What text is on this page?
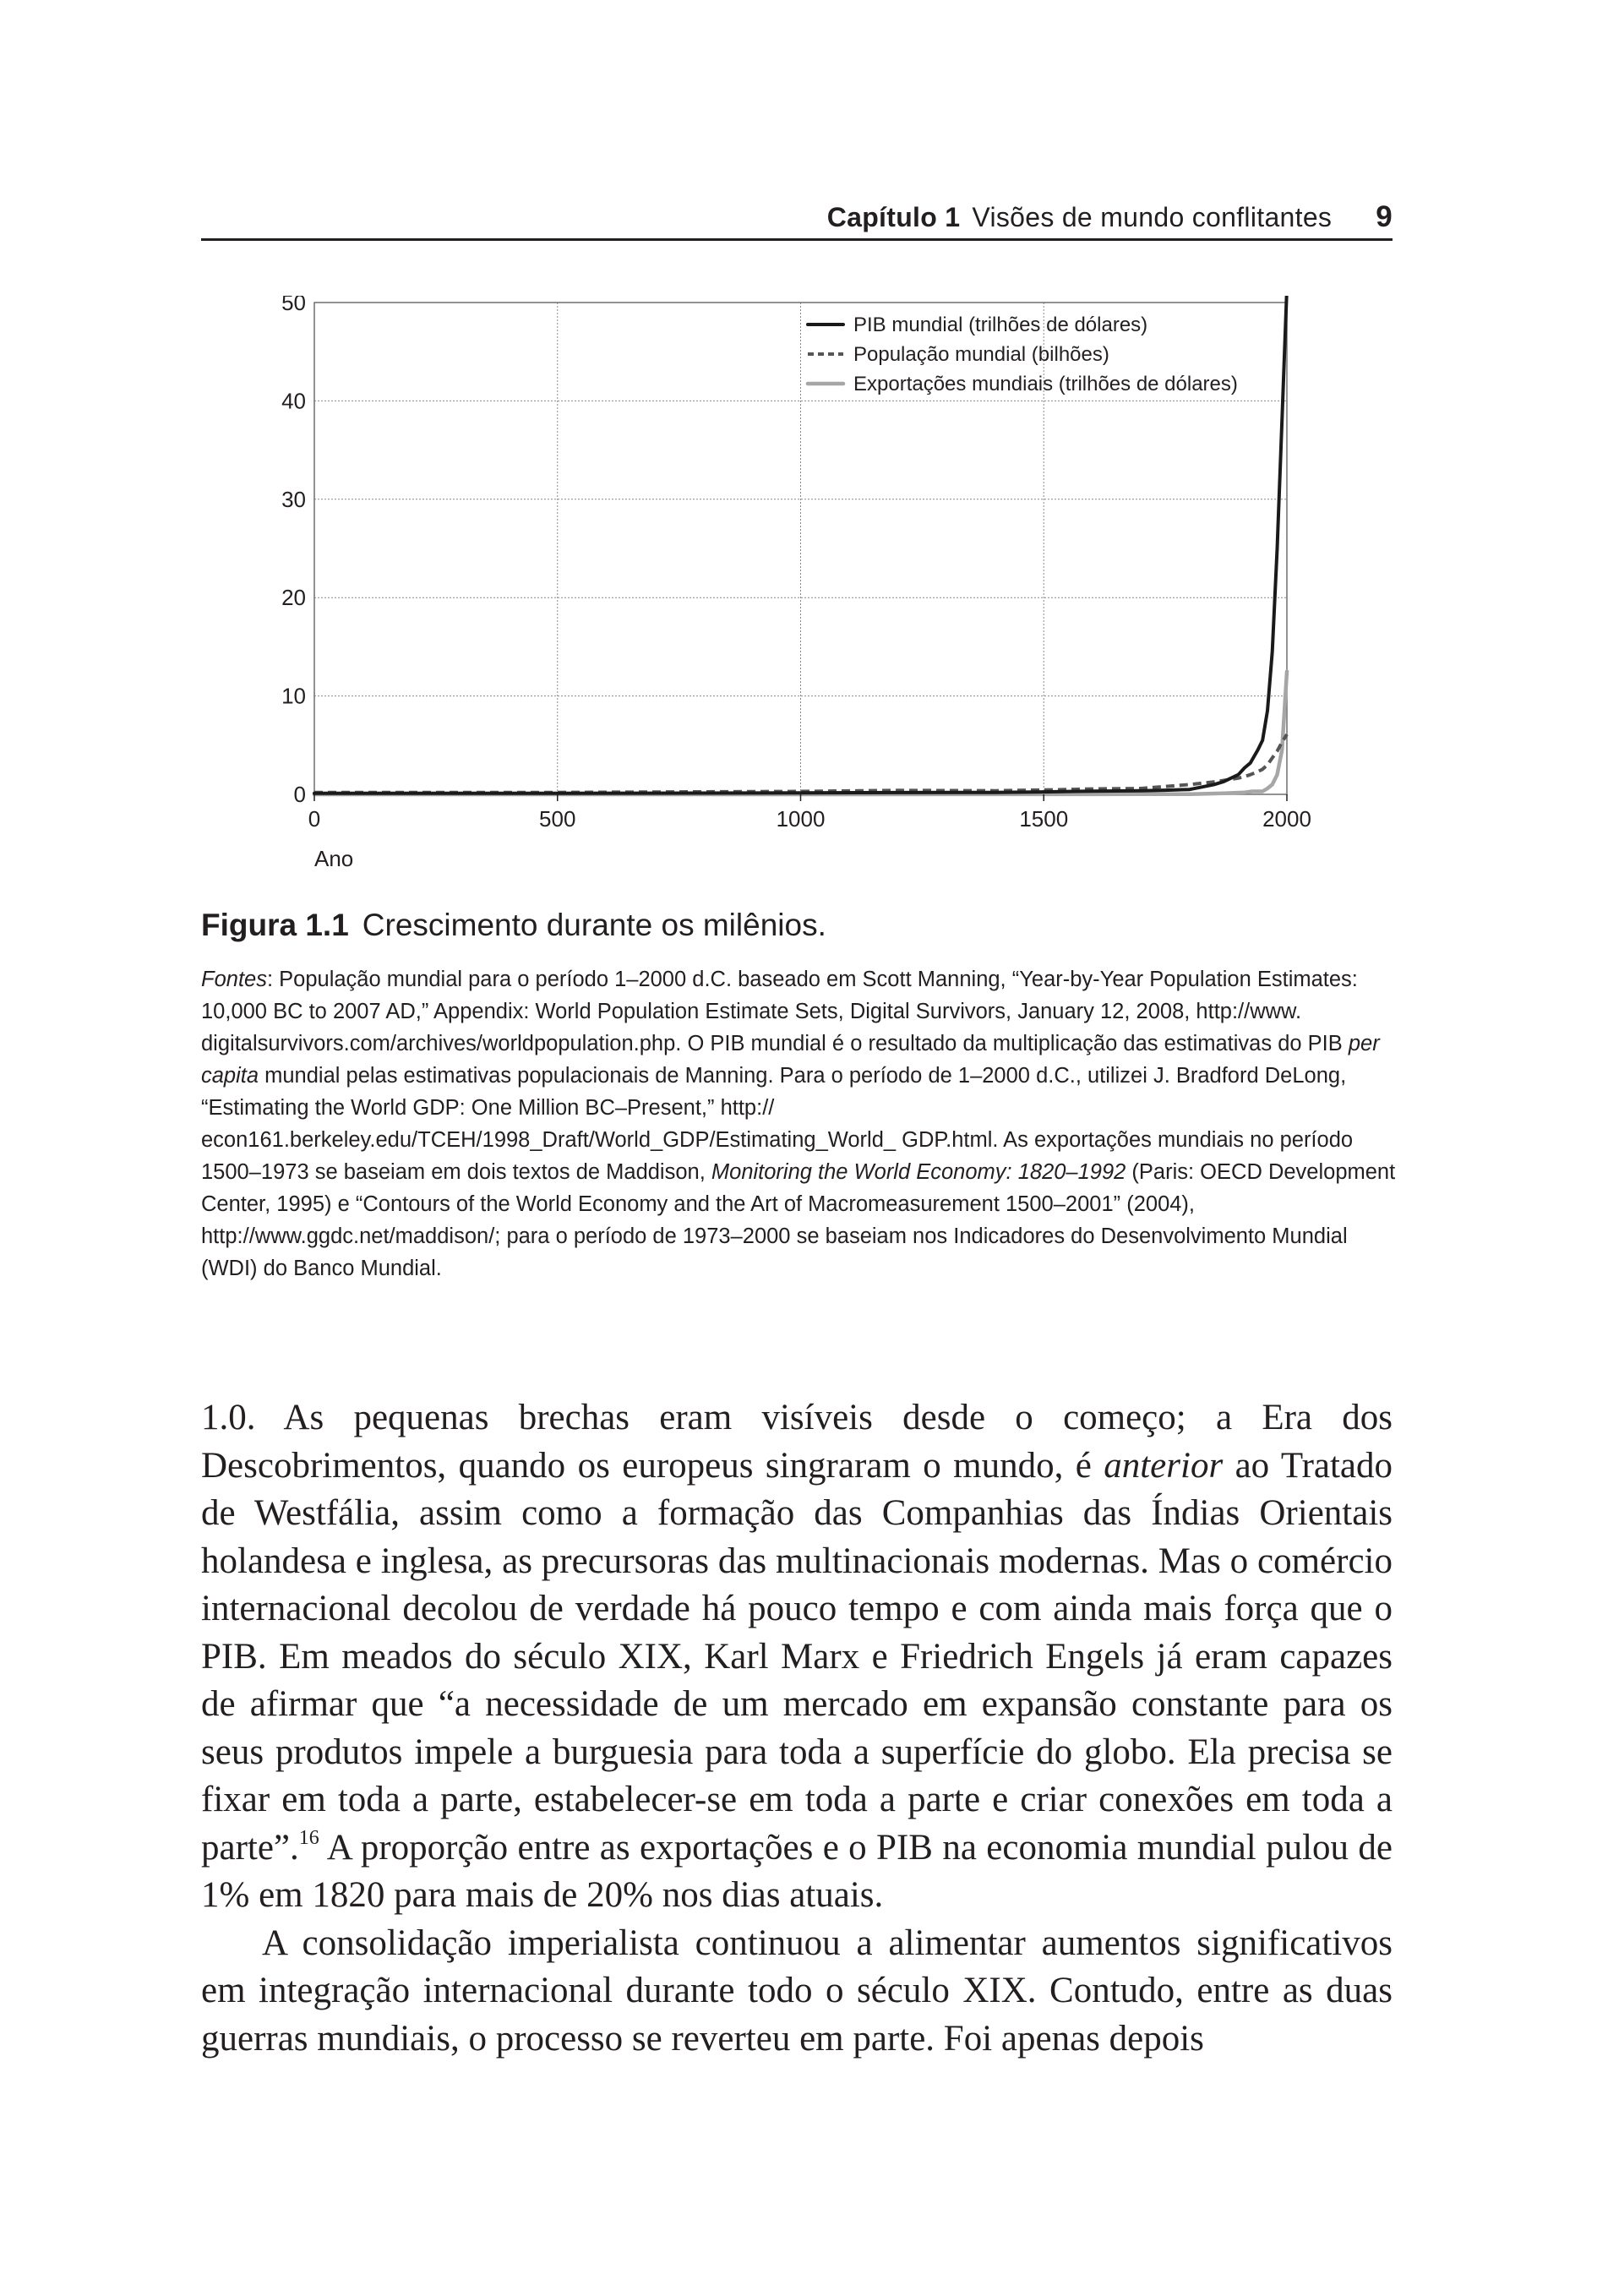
Capítulo 1 Visões de mundo conflitantes 9
0
10
20
30
40
50
0	500	1000	1500	2000
PIB mundial (trilhões de dólares)
População mundial (bilhões)
Exportações mundiais (trilhões de dólares)
Ano
Figura 1.1 Crescimento durante os milênios.
Fontes: População mundial para o período 1–2000 d.C. baseado em Scott Manning, “Year-by-Year Population Estimates: 10,000 BC to 2007 AD,” Appendix: World Population Estimate Sets, Digital Survivors, January 12, 2008, http://www. digitalsurvivors.com/archives/worldpopulation.php. O PIB mundial é o resultado da multiplicação das estimativas do PIB per capita mundial pelas estimativas populacionais de Manning. Para o período de 1–2000 d.C., utilizei J. Bradford DeLong, “Estimating the World GDP: One Million BC–Present,” http:// econ161.berkeley.edu/TCEH/1998_Draft/World_GDP/Estimating_World_ GDP.html. As exportações mundiais no período 1500–1973 se baseiam em dois textos de Maddison, Monitoring the World Economy: 1820–1992 (Paris: OECD Development Center, 1995) e “Contours of the World Economy and the Art of Macromeasurement 1500–2001” (2004), http://www.ggdc.net/maddison/; para o período de 1973–2000 se baseiam nos Indicadores do Desenvolvimento Mundial (WDI) do Banco Mundial.

1.0. As pequenas brechas eram visíveis desde o começo; a Era dos Descobrimentos, quando os europeus singraram o mundo, é anterior ao Tratado de Westfália, assim como a formação das Companhias das Índias Orientais holandesa e inglesa, as precursoras das multinacionais modernas. Mas o comércio internacional decolou de verdade há pouco tempo e com ainda mais força que o PIB. Em meados do século XIX, Karl Marx e Friedrich Engels já eram capazes de afirmar que “a necessidade de um mercado em expansão constante para os seus produtos impele a burguesia para toda a superfície do globo. Ela precisa se fixar em toda a parte, estabelecer-se em toda a parte e criar conexões em toda a parte”.$^{16}$ A proporção entre as exportações e o PIB na economia mundial pulou de 1% em 1820 para mais de 20% nos dias atuais.

A consolidação imperialista continuou a alimentar aumentos significativos em integração internacional durante todo o século XIX. Contudo, entre as duas guerras mundiais, o processo se reverteu em parte. Foi apenas depois
